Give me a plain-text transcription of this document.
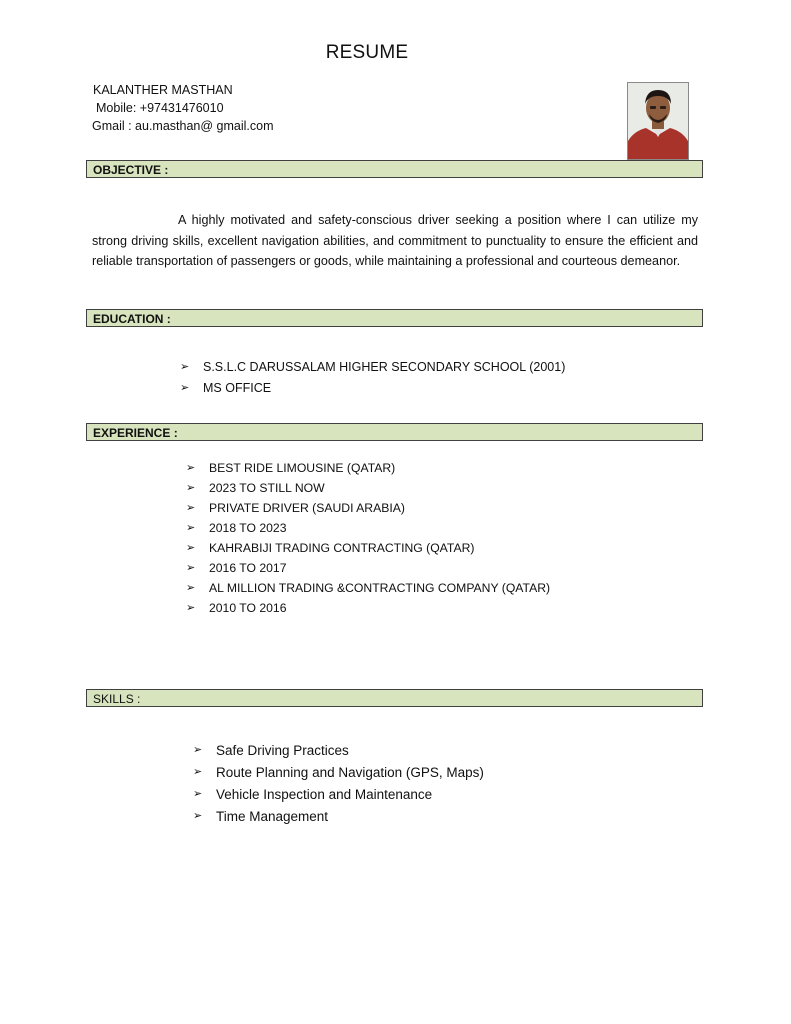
RESUME
KALANTHER MASTHAN
Mobile: +97431476010
Gmail : au.masthan@ gmail.com
OBJECTIVE :
A highly motivated and safety-conscious driver seeking a position where I can utilize my strong driving skills, excellent navigation abilities, and commitment to punctuality to ensure the efficient and reliable transportation of passengers or goods, while maintaining a professional and courteous demeanor.
EDUCATION :
➢ S.S.L.C DARUSSALAM HIGHER SECONDARY SCHOOL (2001)
➢ MS OFFICE
EXPERIENCE :
➢ BEST RIDE LIMOUSINE (QATAR)
➢ 2023 TO STILL NOW
➢ PRIVATE DRIVER (SAUDI ARABIA)
➢ 2018 TO 2023
➢ KAHRABIJI TRADING CONTRACTING (QATAR)
➢ 2016 TO 2017
➢ AL MILLION TRADING &CONTRACTING COMPANY (QATAR)
➢ 2010 TO 2016
SKILLS :
➢ Safe Driving Practices
➢ Route Planning and Navigation (GPS, Maps)
➢ Vehicle Inspection and Maintenance
➢ Time Management
